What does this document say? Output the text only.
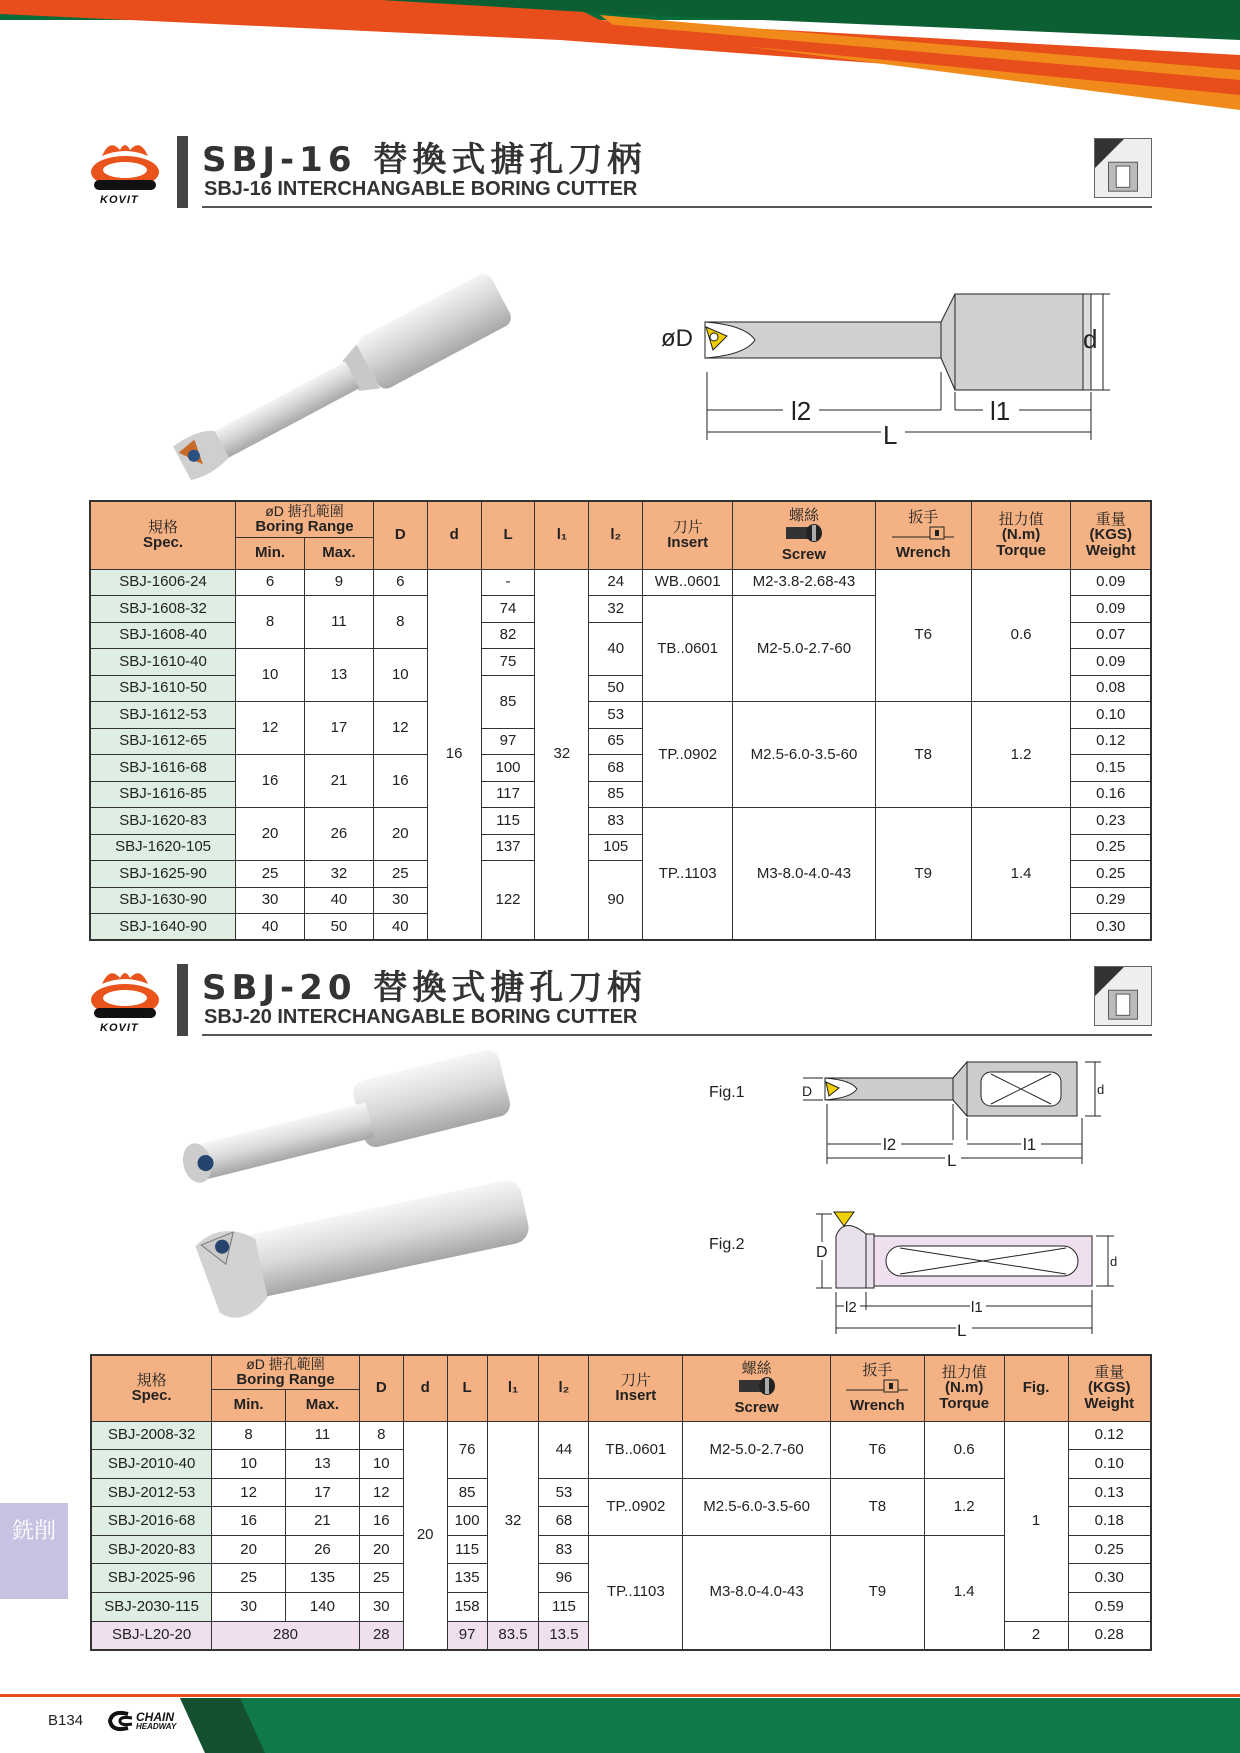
KOVIT
SBJ-16 替換式搪孔刀柄
SBJ-16 INTERCHANGABLE BORING CUTTER
d
øD
l2	l1
L
規格
Spec.	øD 搪孔範圍
Boring Range		D	d	L	l₁	l₂	刀片
Insert	螺絲
Screw	扳手
Wrench	扭力值
(N.m)
Torque	重量
(KGS)
Weight
	Min.	Max.										
SBJ-1606-24	6	9	6	16	-	32	24	WB..0601	M2-3.8-2.68-43	T6	0.6	0.09
SBJ-1608-32	8	11	8		74		32	TB..0601	M2-5.0-2.7-60			0.09
SBJ-1608-40					82		40					0.07
SBJ-1610-40	10	13	10		75							0.09
SBJ-1610-50					85		50					0.08
SBJ-1612-53	12	17	12				53	TP..0902	M2.5-6.0-3.5-60	T8	1.2	0.10
SBJ-1612-65					97		65					0.12
SBJ-1616-68	16	21	16		100		68					0.15
SBJ-1616-85					117		85					0.16
SBJ-1620-83	20	26	20		115		83	TP..1103	M3-8.0-4.0-43	T9	1.4	0.23
SBJ-1620-105					137		105					0.25
SBJ-1625-90	25	32	25		122		90					0.25
SBJ-1630-90	30	40	30									0.29
SBJ-1640-90	40	50	40									0.30
KOVIT
SBJ-20 替換式搪孔刀柄
SBJ-20 INTERCHANGABLE BORING CUTTER
Fig.1
Fig.2
D	d
l2	l1
L
D
d
l2	l1
L
規格
Spec.	øD 搪孔範圍
Boring Range		D	d	L	l₁	l₂	刀片
Insert	螺絲
Screw	扳手
Wrench	扭力值
(N.m)
Torque	Fig.	重量
(KGS)
Weight
	Min.	Max.											
SBJ-2008-32	8	11	8	20	76	32	44	TB..0601	M2-5.0-2.7-60	T6	0.6	1	0.12
SBJ-2010-40	10	13	10										0.10
SBJ-2012-53	12	17	12		85		53	TP..0902	M2.5-6.0-3.5-60	T8	1.2		0.13
SBJ-2016-68	16	21	16		100		68						0.18
SBJ-2020-83	20	26	20		115		83	TP..1103	M3-8.0-4.0-43	T9	1.4		0.25
SBJ-2025-96	25	135	25		135		96						0.30
SBJ-2030-115	30	140	30		158		115						0.59
SBJ-L20-20	280		28		97	83.5	13.5					2	0.28
銑削
B134	CHAIN
HEADWAY
